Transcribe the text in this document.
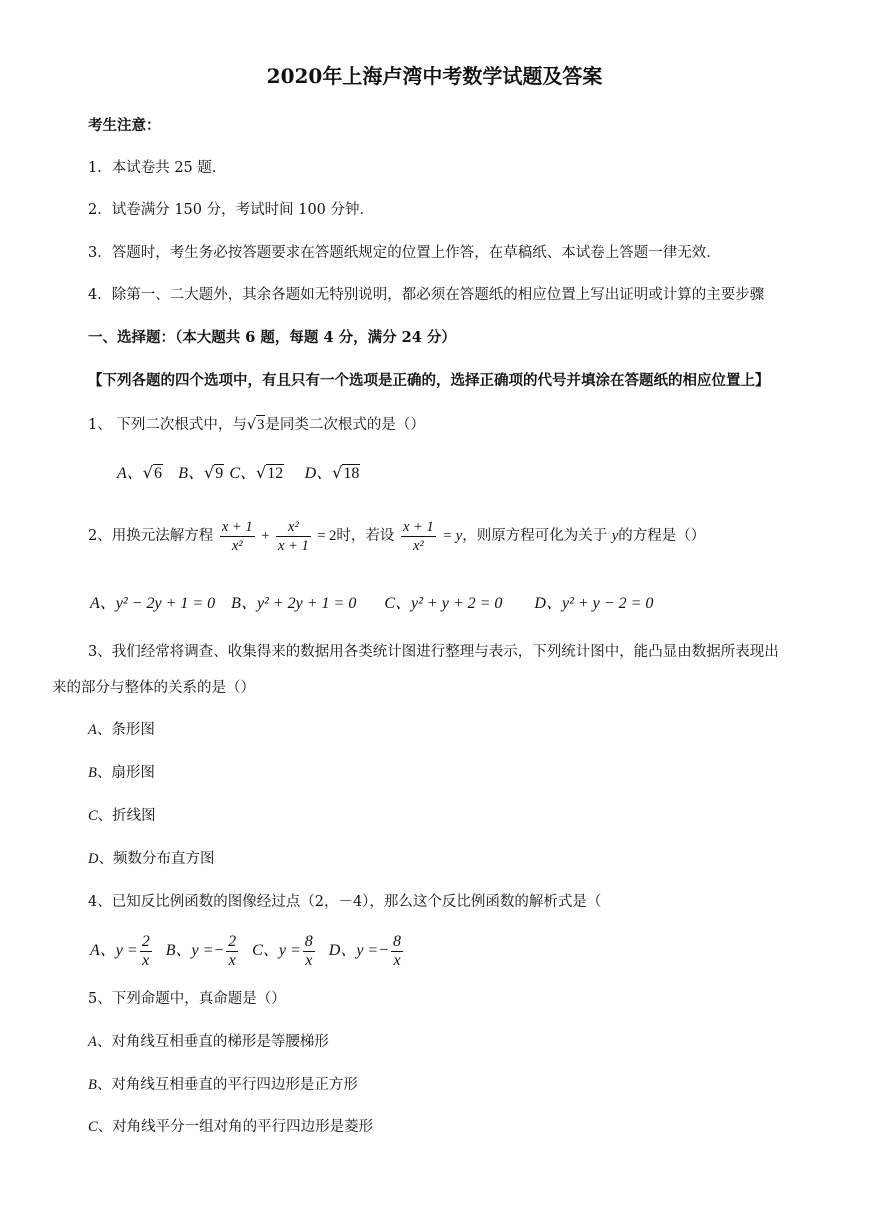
2020年上海卢湾中考数学试题及答案
考生注意：
1．本试卷共 25 题．
2．试卷满分 150 分，考试时间 100 分钟．
3．答题时，考生务必按答题要求在答题纸规定的位置上作答，在草稿纸、本试卷上答题一律无效．
4．除第一、二大题外，其余各题如无特别说明，都必须在答题纸的相应位置上写出证明或计算的主要步骤
一、选择题：（本大题共 6 题，每题 4 分，满分 24 分）
【下列各题的四个选项中，有且只有一个选项是正确的，选择正确项的代号并填涂在答题纸的相应位置上】
1、 下列二次根式中，与√3是同类二次根式的是（）
A、√6 B、√9 C、√12 D、√18
2、用换元法解方程 $\frac{x + 1}{\text{x²}} + \frac{\text{x²}}{x + 1} = 2$时，若设 $\frac{x + 1}{\text{x²}} = y$，则原方程可化为关于 y的方程是（）
A、y² − 2y + 1 = 0 B、y² + 2y + 1 = 0 C、y² + y + 2 = 0 D、y² + y − 2 = 0
3、我们经常将调查、收集得来的数据用各类统计图进行整理与表示，下列统计图中，能凸显由数据所表现出
来的部分与整体的关系的是（）
A、条形图
B、扇形图
C、折线图
D、频数分布直方图
4、已知反比例函数的图像经过点（2，－4），那么这个反比例函数的解析式是（
A、$y = \frac{2}{x}$ B、$y =- \frac{2}{x}$ C、$y = \frac{8}{x}$ D、$y =- \frac{8}{x}$
5、下列命题中，真命题是（）
A、对角线互相垂直的梯形是等腰梯形
B、对角线互相垂直的平行四边形是正方形
C、对角线平分一组对角的平行四边形是菱形
